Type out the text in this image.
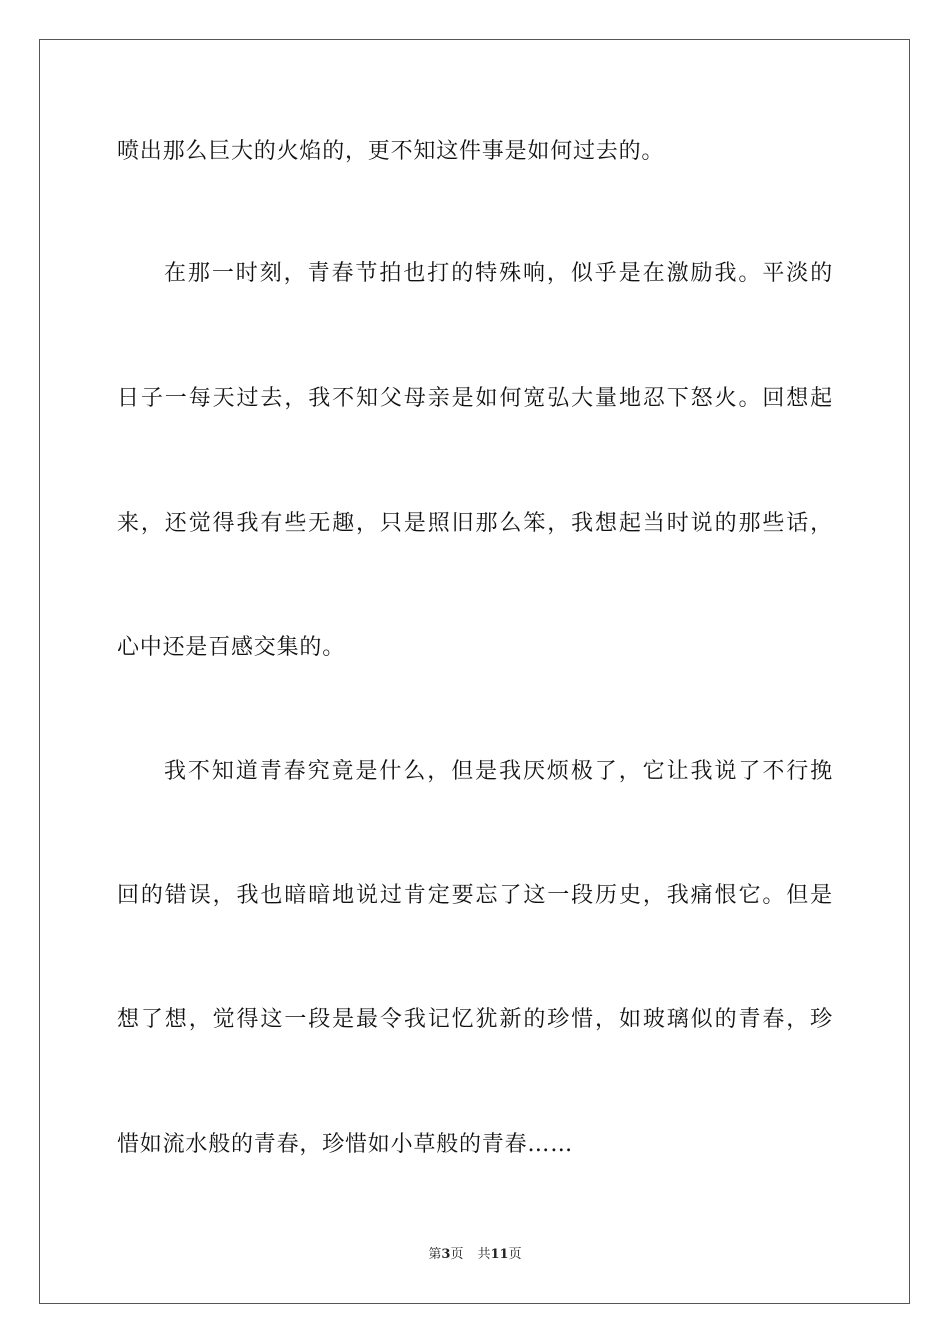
喷出那么巨大的火焰的，更不知这件事是如何过去的。
在那一时刻，青春节拍也打的特殊响，似乎是在激励我。平淡的
日子一每天过去，我不知父母亲是如何宽弘大量地忍下怒火。回想起
来，还觉得我有些无趣，只是照旧那么笨，我想起当时说的那些话，
心中还是百感交集的。
我不知道青春究竟是什么，但是我厌烦极了，它让我说了不行挽
回的错误，我也暗暗地说过肯定要忘了这一段历史，我痛恨它。但是
想了想，觉得这一段是最令我记忆犹新的珍惜，如玻璃似的青春，珍
惜如流水般的青春，珍惜如小草般的青春……
第3页 共11页
